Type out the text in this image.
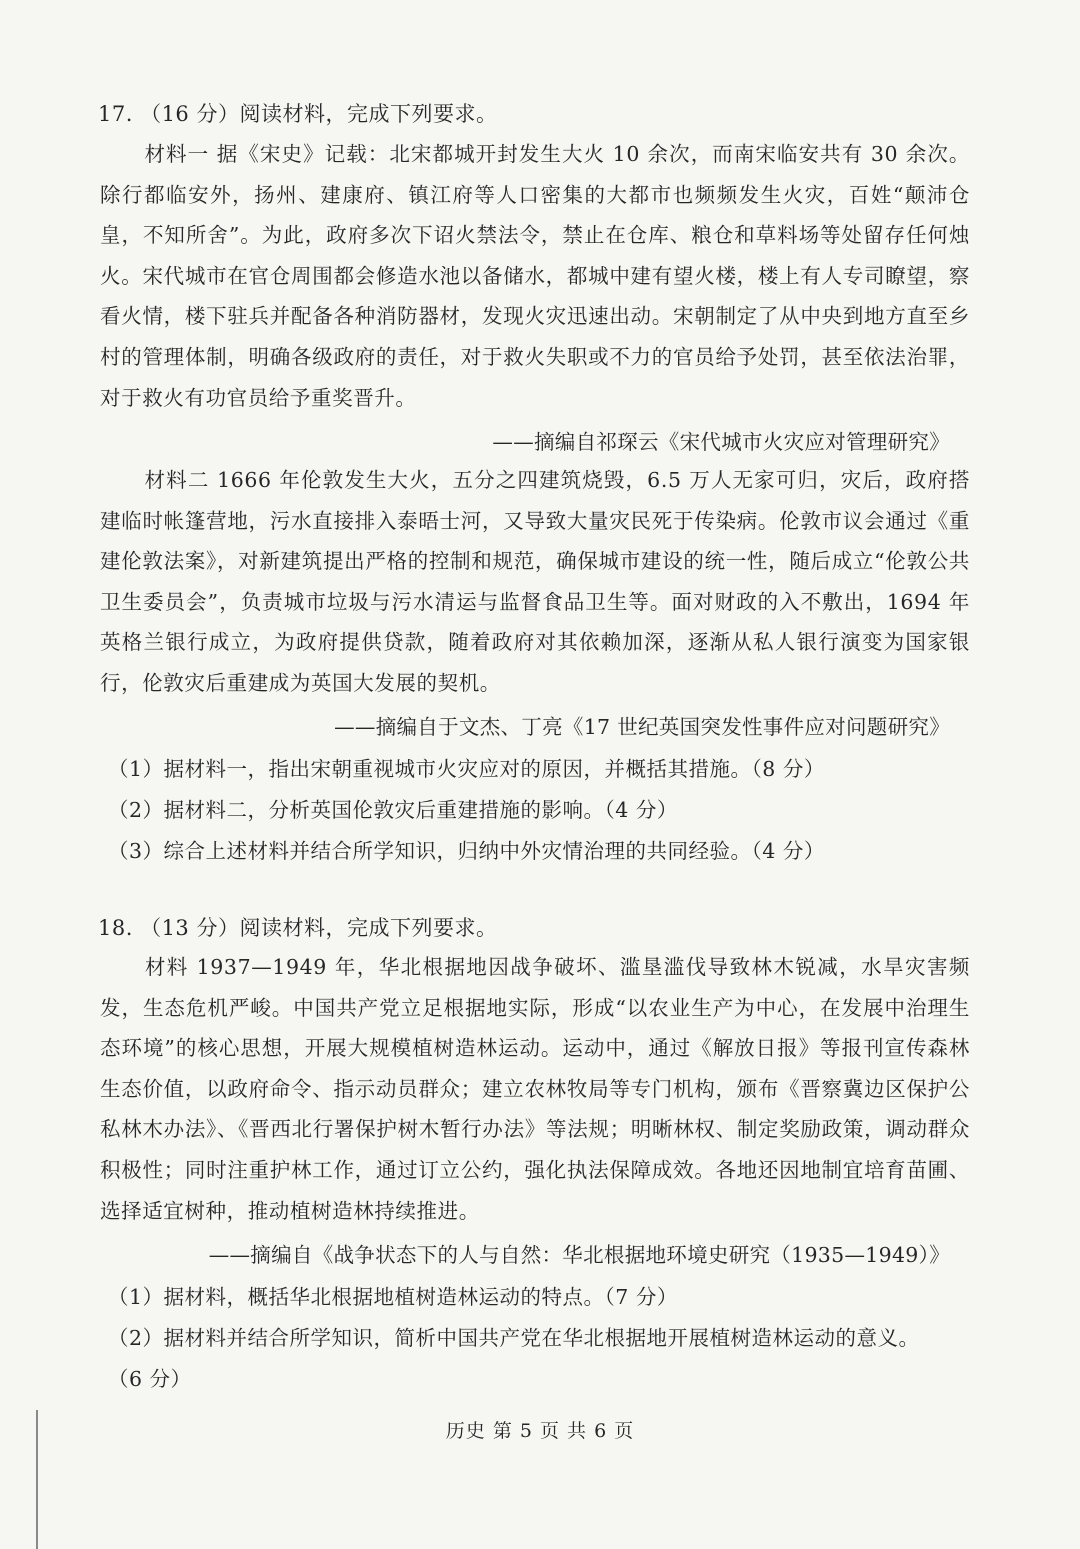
17. （16 分）阅读材料，完成下列要求。
材料一 据《宋史》记载：北宋都城开封发生大火 10 余次，而南宋临安共有 30 余次。除行都临安外，扬州、建康府、镇江府等人口密集的大都市也频频发生火灾，百姓“颠沛仓皇，不知所舍”。为此，政府多次下诏火禁法令，禁止在仓库、粮仓和草料场等处留存任何烛火。宋代城市在官仓周围都会修造水池以备储水，都城中建有望火楼，楼上有人专司瞭望，察看火情，楼下驻兵并配备各种消防器材，发现火灾迅速出动。宋朝制定了从中央到地方直至乡村的管理体制，明确各级政府的责任，对于救火失职或不力的官员给予处罚，甚至依法治罪，对于救火有功官员给予重奖晋升。
——摘编自祁琛云《宋代城市火灾应对管理研究》
材料二 1666 年伦敦发生大火，五分之四建筑烧毁，6.5 万人无家可归，灾后，政府搭建临时帐篷营地，污水直接排入泰晤士河，又导致大量灾民死于传染病。伦敦市议会通过《重建伦敦法案》，对新建筑提出严格的控制和规范，确保城市建设的统一性，随后成立“伦敦公共卫生委员会”，负责城市垃圾与污水清运与监督食品卫生等。面对财政的入不敷出，1694 年英格兰银行成立，为政府提供贷款，随着政府对其依赖加深，逐渐从私人银行演变为国家银行，伦敦灾后重建成为英国大发展的契机。
——摘编自于文杰、丁亮《17 世纪英国突发性事件应对问题研究》
（1）据材料一，指出宋朝重视城市火灾应对的原因，并概括其措施。（8 分）
（2）据材料二，分析英国伦敦灾后重建措施的影响。（4 分）
（3）综合上述材料并结合所学知识，归纳中外灾情治理的共同经验。（4 分）
18. （13 分）阅读材料，完成下列要求。
材料 1937—1949 年，华北根据地因战争破坏、滥垦滥伐导致林木锐减，水旱灾害频发，生态危机严峻。中国共产党立足根据地实际，形成“以农业生产为中心，在发展中治理生态环境”的核心思想，开展大规模植树造林运动。运动中，通过《解放日报》等报刊宣传森林生态价值，以政府命令、指示动员群众；建立农林牧局等专门机构，颁布《晋察冀边区保护公私林木办法》、《晋西北行署保护树木暂行办法》等法规；明晰林权、制定奖励政策，调动群众积极性；同时注重护林工作，通过订立公约，强化执法保障成效。各地还因地制宜培育苗圃、选择适宜树种，推动植树造林持续推进。
——摘编自《战争状态下的人与自然：华北根据地环境史研究（1935—1949）》
（1）据材料，概括华北根据地植树造林运动的特点。（7 分）
（2）据材料并结合所学知识，简析中国共产党在华北根据地开展植树造林运动的意义。
（6 分）
历史 第 5 页 共 6 页
